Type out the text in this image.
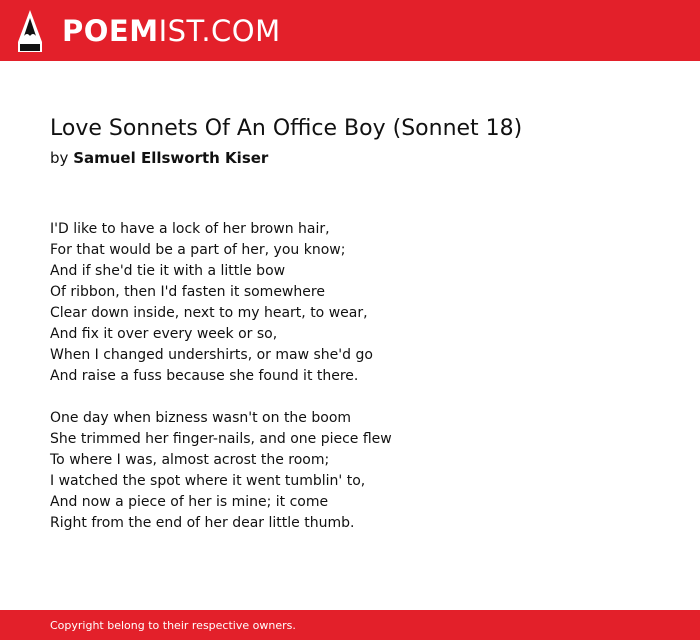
POEMIST.COM
Love Sonnets Of An Office Boy (Sonnet 18)
by Samuel Ellsworth Kiser
I'D like to have a lock of her brown hair,
For that would be a part of her, you know;
And if she'd tie it with a little bow
Of ribbon, then I'd fasten it somewhere
Clear down inside, next to my heart, to wear,
And fix it over every week or so,
When I changed undershirts, or maw she'd go
And raise a fuss because she found it there.
One day when bizness wasn't on the boom
She trimmed her finger-nails, and one piece flew
To where I was, almost acrost the room;
I watched the spot where it went tumblin' to,
And now a piece of her is mine; it come
Right from the end of her dear little thumb.
Copyright belong to their respective owners.
